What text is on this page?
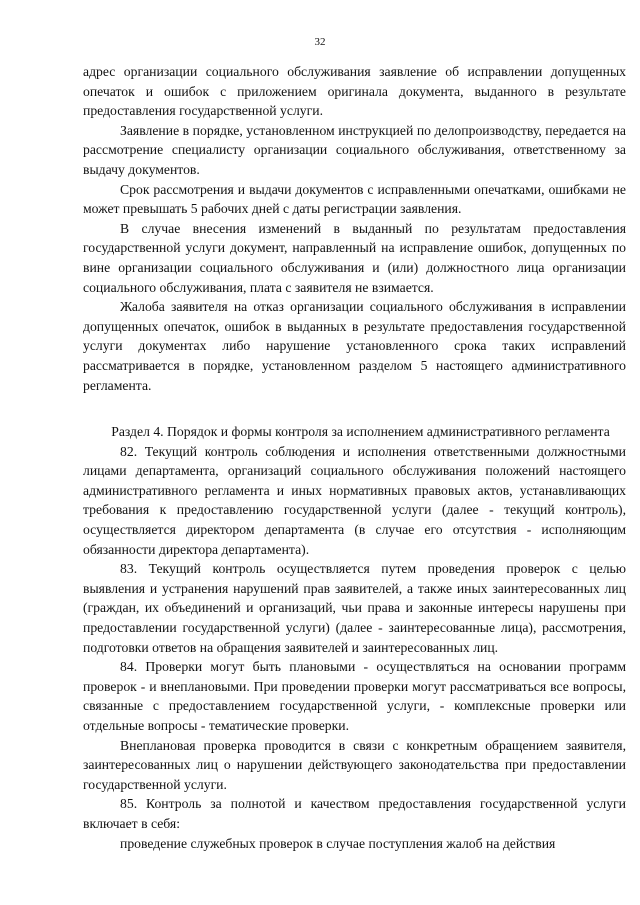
32

адрес организации социального обслуживания заявление об исправлении допущенных опечаток и ошибок с приложением оригинала документа, выданного в результате предоставления государственной услуги.

Заявление в порядке, установленном инструкцией по делопроизводству, передается на рассмотрение специалисту организации социального обслуживания, ответственному за выдачу документов.

Срок рассмотрения и выдачи документов с исправленными опечатками, ошибками не может превышать 5 рабочих дней с даты регистрации заявления.

В случае внесения изменений в выданный по результатам предоставления государственной услуги документ, направленный на исправление ошибок, допущенных по вине организации социального обслуживания и (или) должностного лица организации социального обслуживания, плата с заявителя не взимается.

Жалоба заявителя на отказ организации социального обслуживания в исправлении допущенных опечаток, ошибок в выданных в результате предоставления государственной услуги документах либо нарушение установленного срока таких исправлений рассматривается в порядке, установленном разделом 5 настоящего административного регламента.

Раздел 4. Порядок и формы контроля за исполнением административного регламента

82. Текущий контроль соблюдения и исполнения ответственными должностными лицами департамента, организаций социального обслуживания положений настоящего административного регламента и иных нормативных правовых актов, устанавливающих требования к предоставлению государственной услуги (далее - текущий контроль), осуществляется директором департамента (в случае его отсутствия - исполняющим обязанности директора департамента).

83. Текущий контроль осуществляется путем проведения проверок с целью выявления и устранения нарушений прав заявителей, а также иных заинтересованных лиц (граждан, их объединений и организаций, чьи права и законные интересы нарушены при предоставлении государственной услуги) (далее - заинтересованные лица), рассмотрения, подготовки ответов на обращения заявителей и заинтересованных лиц.

84. Проверки могут быть плановыми - осуществляться на основании программ проверок - и внеплановыми. При проведении проверки могут рассматриваться все вопросы, связанные с предоставлением государственной услуги, - комплексные проверки или отдельные вопросы - тематические проверки.

Внеплановая проверка проводится в связи с конкретным обращением заявителя, заинтересованных лиц о нарушении действующего законодательства при предоставлении государственной услуги.

85. Контроль за полнотой и качеством предоставления государственной услуги включает в себя:

проведение служебных проверок в случае поступления жалоб на действия
